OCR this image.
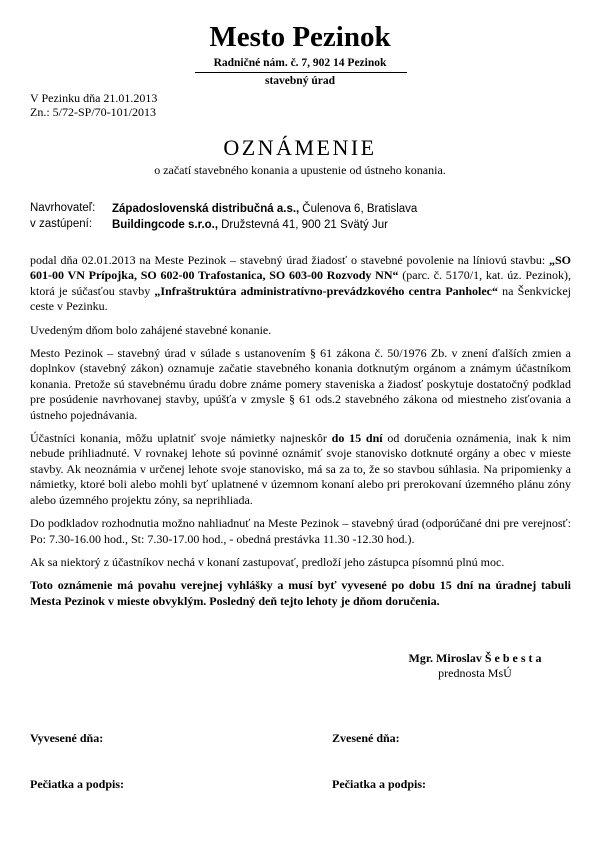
Mesto Pezinok
Radničné nám. č. 7, 902 14 Pezinok
stavebný úrad
V Pezinku dňa 21.01.2013
Zn.: 5/72-SP/70-101/2013
OZNÁMENIE
o začatí stavebného konania a upustenie od ústneho konania.
Navrhovateľ:	Západoslovenská distribučná a.s., Čulenova 6, Bratislava
v zastúpení:	Buildingcode s.r.o., Družstevná 41, 900 21 Svätý Jur

podal dňa 02.01.2013 na Meste Pezinok – stavebný úrad žiadosť o stavebné povolenie na líniovú stavbu: „SO 601-00 VN Prípojka, SO 602-00 Trafostanica, SO 603-00 Rozvody NN“ (parc. č. 5170/1, kat. úz. Pezinok), ktorá je súčasťou stavby „Infraštruktúra administratívno-prevádzkového centra Panholec“ na Šenkvickej ceste v Pezinku.

Uvedeným dňom bolo zahájené stavebné konanie.

Mesto Pezinok – stavebný úrad v súlade s ustanovením § 61 zákona č. 50/1976 Zb. v znení ďalších zmien a doplnkov (stavebný zákon) oznamuje začatie stavebného konania dotknutým orgánom a známym účastníkom konania. Pretože sú stavebnému úradu dobre známe pomery staveniska a žiadosť poskytuje dostatočný podklad pre posúdenie navrhovanej stavby, upúšťa v zmysle § 61 ods.2 stavebného zákona od miestneho zisťovania a ústneho pojednávania.

Účastníci konania, môžu uplatniť svoje námietky najneskôr do 15 dní od doručenia oznámenia, inak k nim nebude prihliadnuté. V rovnakej lehote sú povinné oznámiť svoje stanovisko dotknuté orgány a obec v mieste stavby. Ak neoznámia v určenej lehote svoje stanovisko, má sa za to, že so stavbou súhlasia. Na pripomienky a námietky, ktoré boli alebo mohli byť uplatnené v územnom konaní alebo pri prerokovaní územného plánu zóny alebo územného projektu zóny, sa neprihliada.

Do podkladov rozhodnutia možno nahliadnuť na Meste Pezinok – stavebný úrad (odporúčané dni pre verejnosť: Po: 7.30-16.00 hod., St: 7.30-17.00 hod., - obedná prestávka 11.30 -12.30 hod.).

Ak sa niektorý z účastníkov nechá v konaní zastupovať, predloží jeho zástupca písomnú plnú moc.

Toto oznámenie má povahu verejnej vyhlášky a musí byť vyvesené po dobu 15 dní na úradnej tabuli Mesta Pezinok v mieste obvyklým. Posledný deň tejto lehoty je dňom doručenia.

Mgr. Miroslav Š e b e s t a
prednosta MsÚ
Vyvesené dňa:	Zvesené dňa:
Pečiatka a podpis:	Pečiatka a podpis:
